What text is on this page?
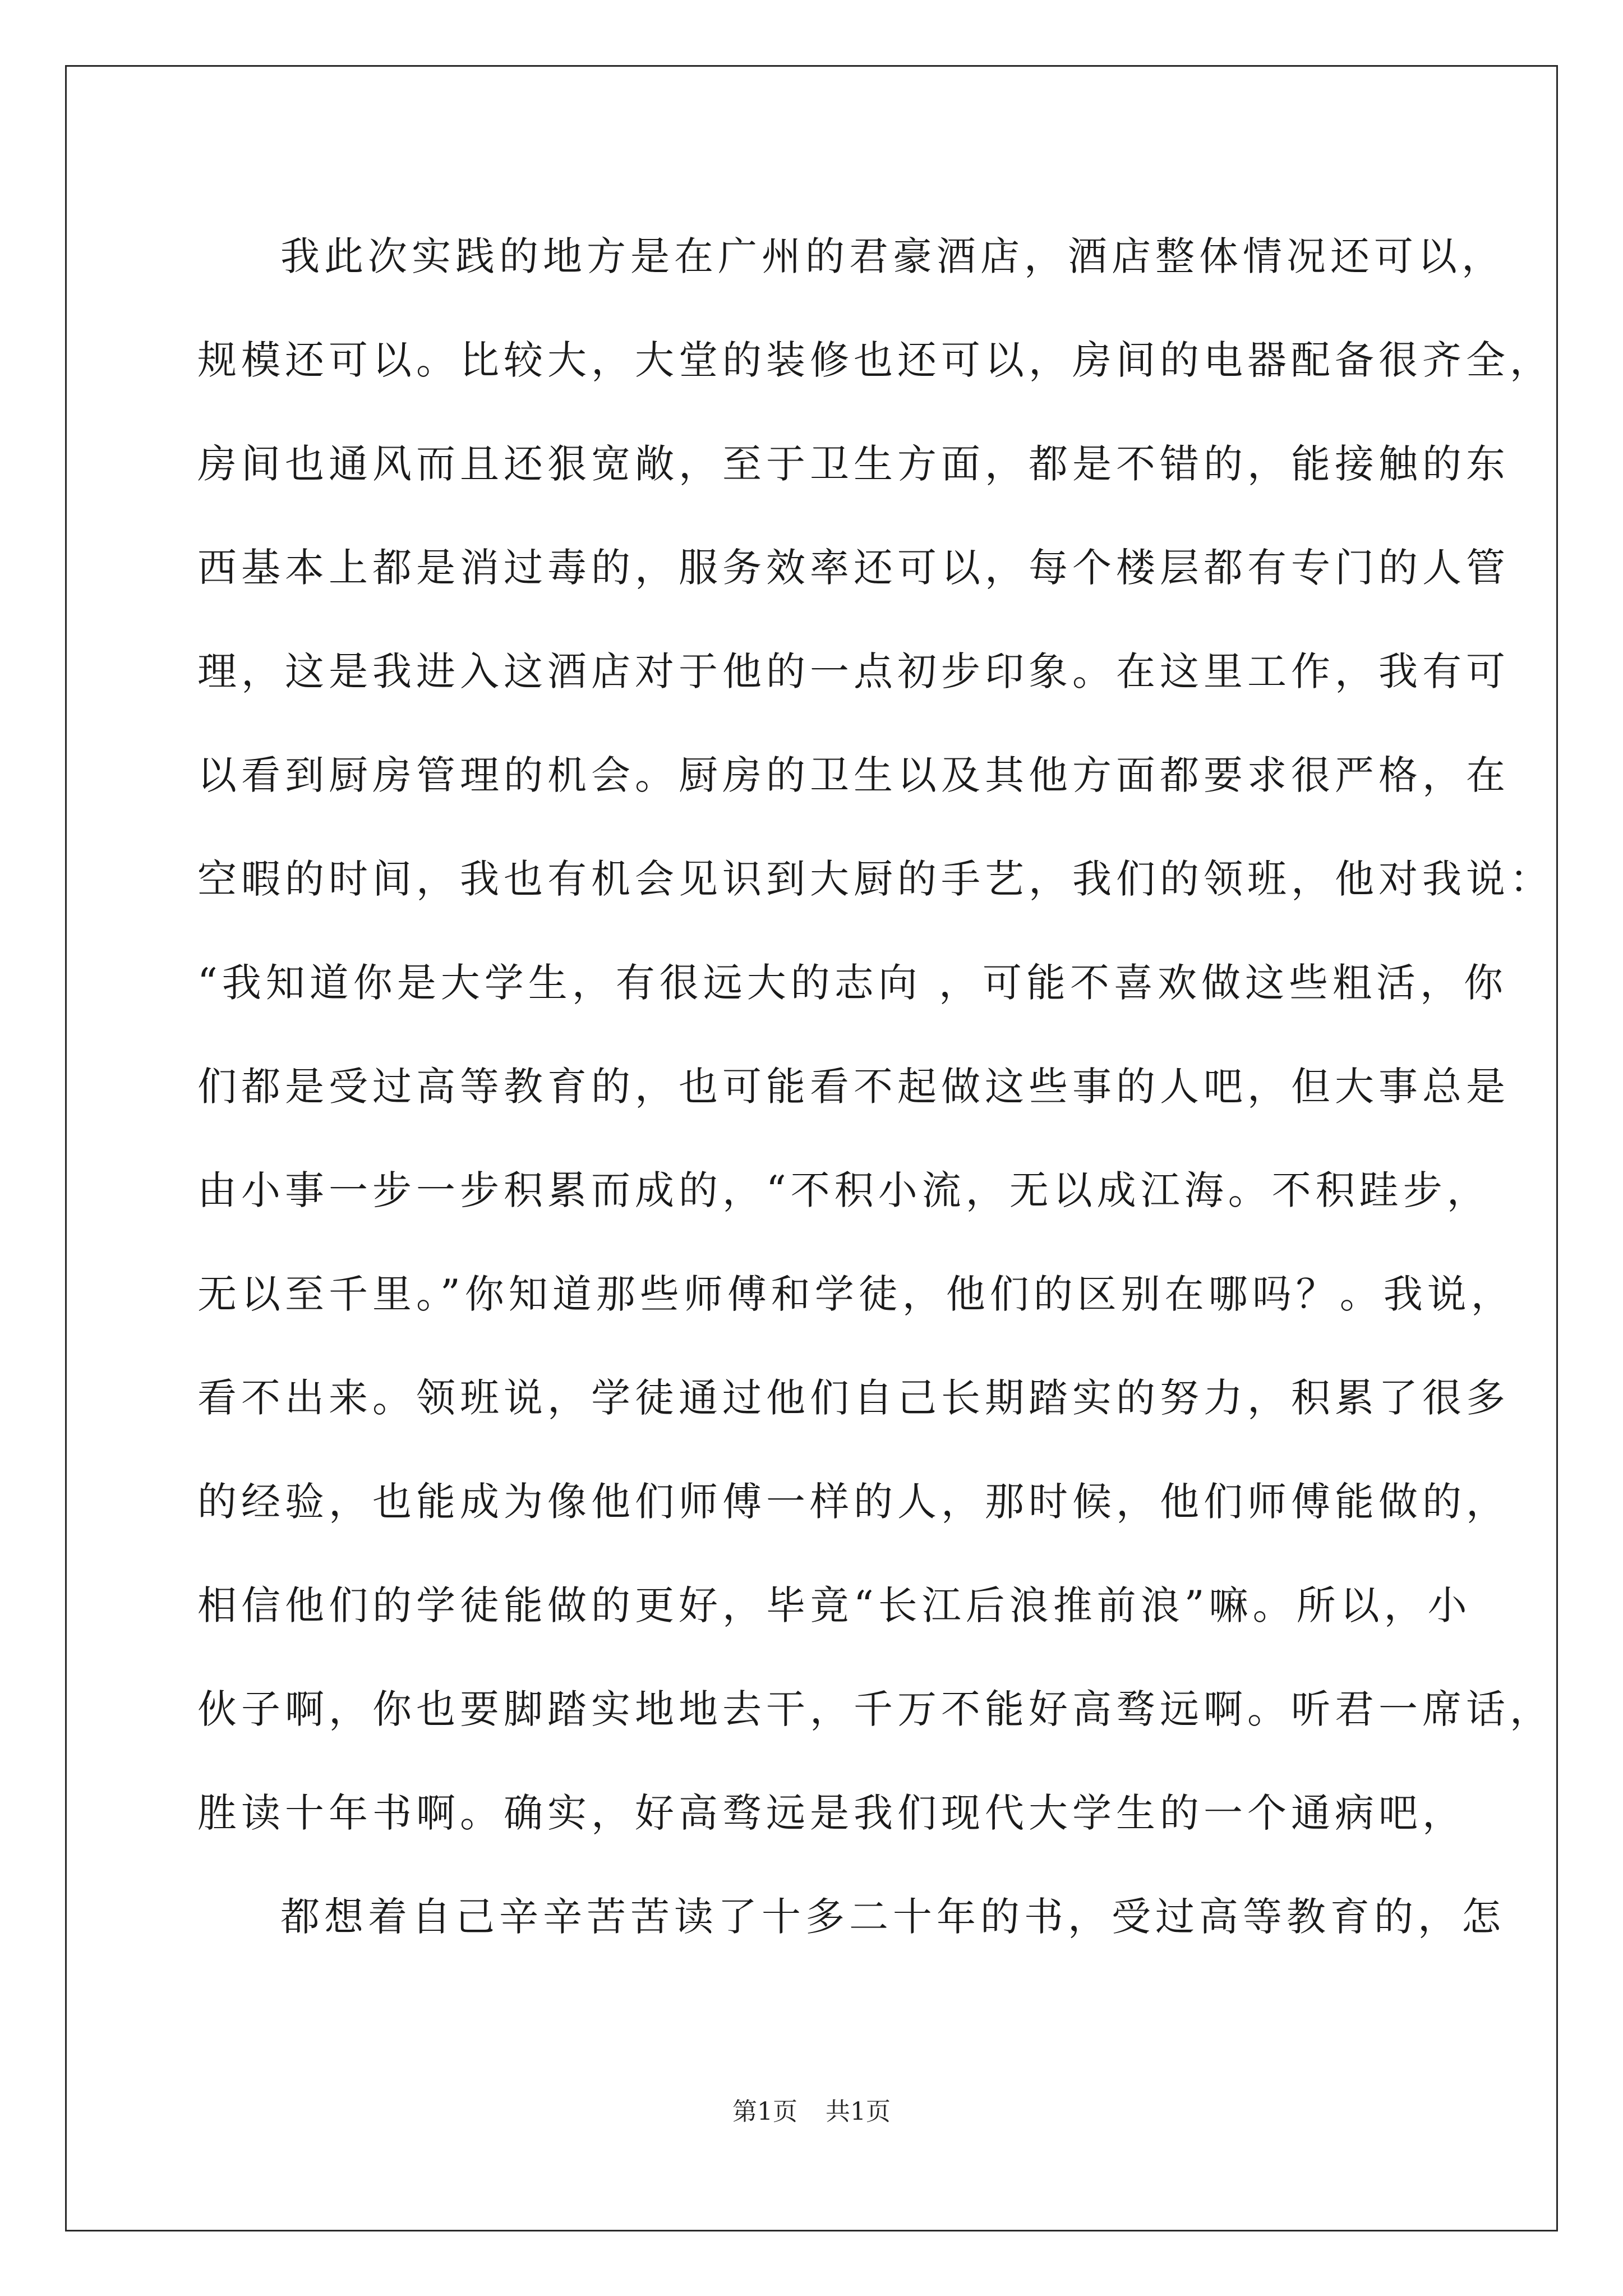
我此次实践的地方是在广州的君豪酒店，酒店整体情况还可以，
规模还可以。比较大，大堂的装修也还可以，房间的电器配备很齐全，
房间也通风而且还狠宽敞，至于卫生方面，都是不错的，能接触的东
西基本上都是消过毒的，服务效率还可以，每个楼层都有专门的人管
理，这是我进入这酒店对于他的一点初步印象。在这里工作，我有可
以看到厨房管理的机会。厨房的卫生以及其他方面都要求很严格，在
空暇的时间，我也有机会见识到大厨的手艺，我们的领班，他对我说：
“我知道你是大学生，有很远大的志向 ，可能不喜欢做这些粗活，你
们都是受过高等教育的，也可能看不起做这些事的人吧，但大事总是
由小事一步一步积累而成的，“不积小流，无以成江海。不积跬步，
无以至千里。”你知道那些师傅和学徒，他们的区别在哪吗？。我说，
看不出来。领班说，学徒通过他们自己长期踏实的努力，积累了很多
的经验，也能成为像他们师傅一样的人，那时候，他们师傅能做的，
相信他们的学徒能做的更好，毕竟“长江后浪推前浪”嘛。所以，小
伙子啊，你也要脚踏实地地去干，千万不能好高骛远啊。听君一席话，
胜读十年书啊。确实，好高骛远是我们现代大学生的一个通病吧，
都想着自己辛辛苦苦读了十多二十年的书，受过高等教育的，怎
第1页 共1页
